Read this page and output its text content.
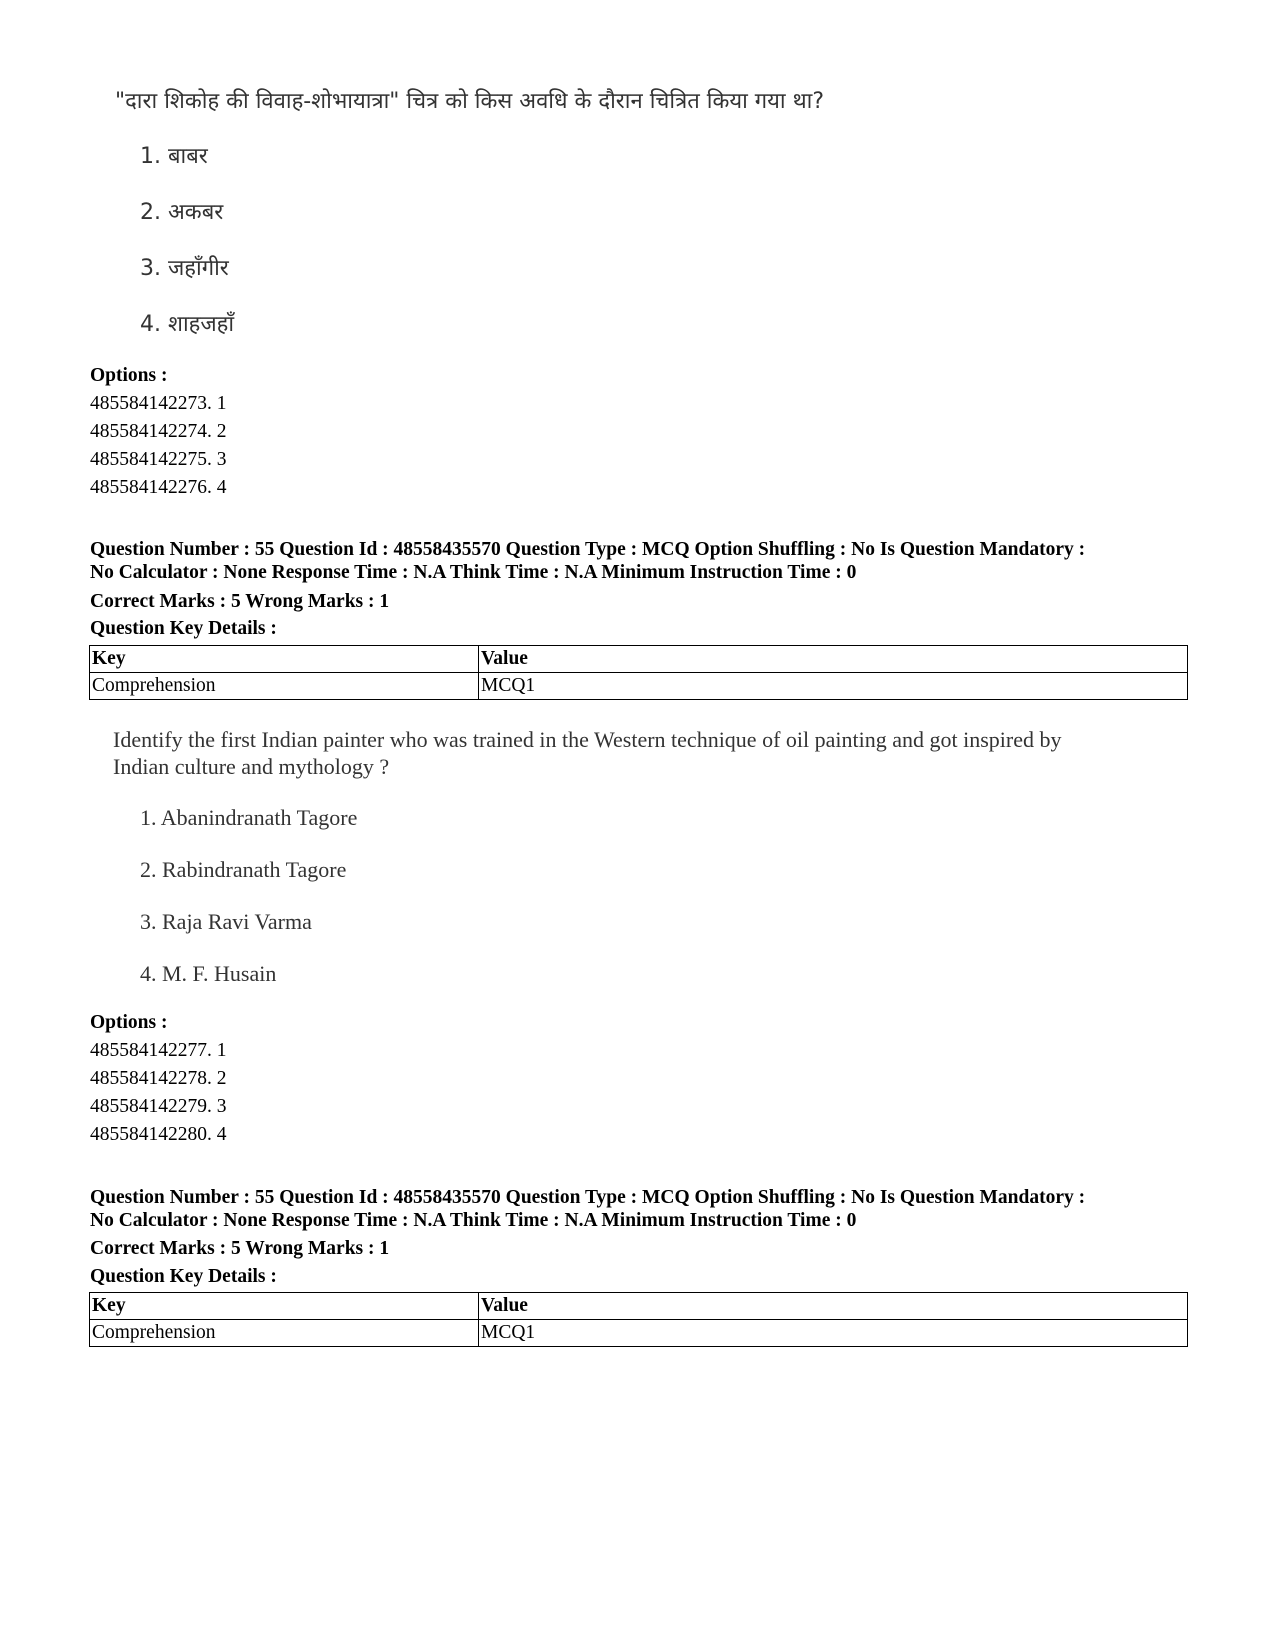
"दारा शिकोह की विवाह-शोभायात्रा" चित्र को किस अवधि के दौरान चित्रित किया गया था?
1. बाबर
2. अकबर
3. जहाँगीर
4. शाहजहाँ
Options :
485584142273. 1
485584142274. 2
485584142275. 3
485584142276. 4
Question Number : 55 Question Id : 48558435570 Question Type : MCQ Option Shuffling : No Is Question Mandatory :
No Calculator : None Response Time : N.A Think Time : N.A Minimum Instruction Time : 0
Correct Marks : 5 Wrong Marks : 1
Question Key Details :
Key	Value
Comprehension	MCQ1
Identify the first Indian painter who was trained in the Western technique of oil painting and got inspired by
Indian culture and mythology ?
1. Abanindranath Tagore
2. Rabindranath Tagore
3. Raja Ravi Varma
4. M. F. Husain
Options :
485584142277. 1
485584142278. 2
485584142279. 3
485584142280. 4
Question Number : 55 Question Id : 48558435570 Question Type : MCQ Option Shuffling : No Is Question Mandatory :
No Calculator : None Response Time : N.A Think Time : N.A Minimum Instruction Time : 0
Correct Marks : 5 Wrong Marks : 1
Question Key Details :
Key	Value
Comprehension	MCQ1
